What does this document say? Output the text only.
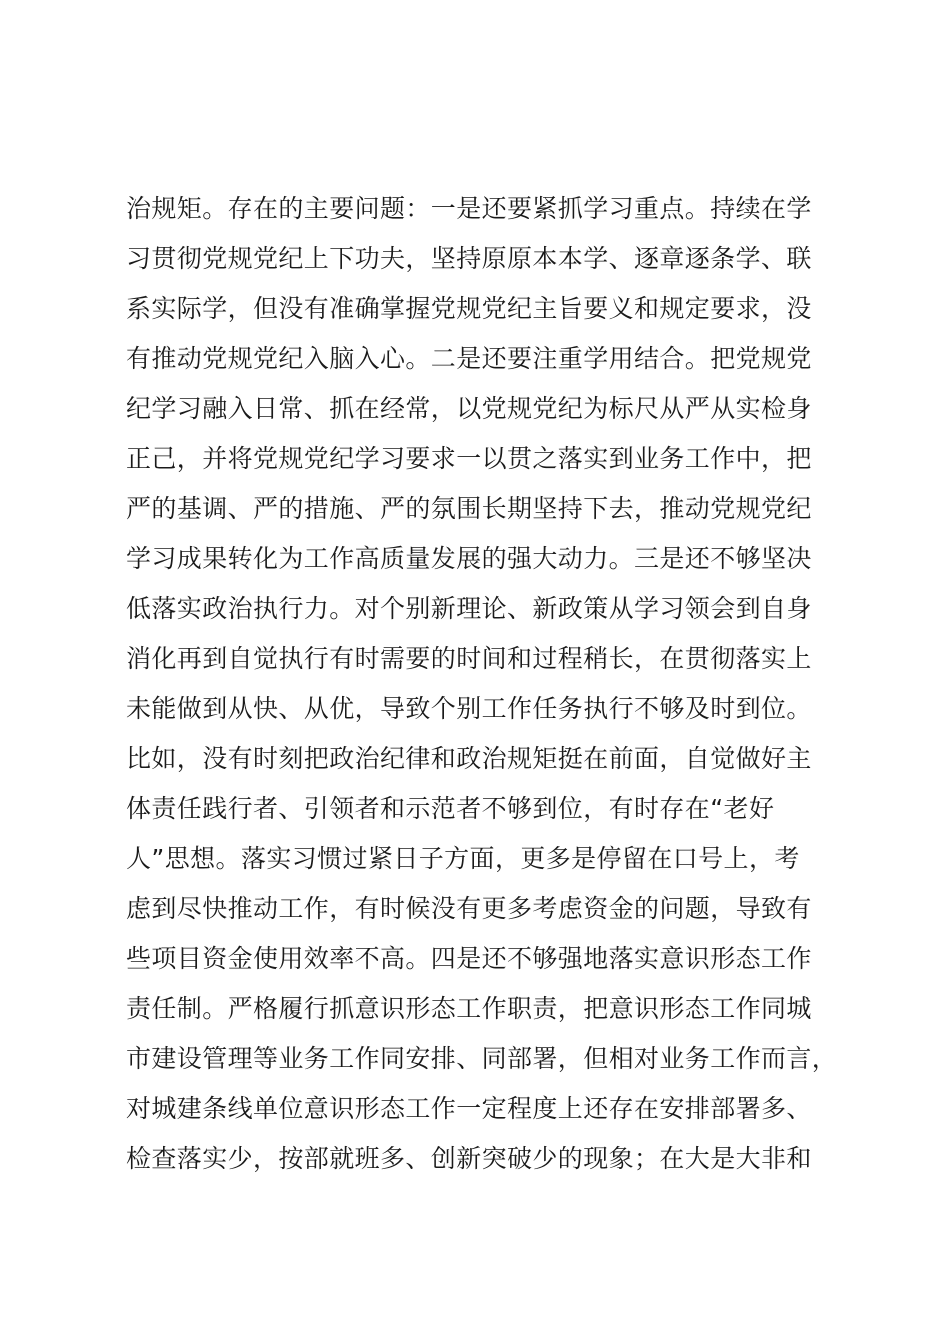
治规矩。存在的主要问题：一是还要紧抓学习重点。持续在学
习贯彻党规党纪上下功夫，坚持原原本本学、逐章逐条学、联
系实际学，但没有准确掌握党规党纪主旨要义和规定要求，没
有推动党规党纪入脑入心。二是还要注重学用结合。把党规党
纪学习融入日常、抓在经常，以党规党纪为标尺从严从实检身
正己，并将党规党纪学习要求一以贯之落实到业务工作中，把
严的基调、严的措施、严的氛围长期坚持下去，推动党规党纪
学习成果转化为工作高质量发展的强大动力。三是还不够坚决
低落实政治执行力。对个别新理论、新政策从学习领会到自身
消化再到自觉执行有时需要的时间和过程稍长，在贯彻落实上
未能做到从快、从优，导致个别工作任务执行不够及时到位。
比如，没有时刻把政治纪律和政治规矩挺在前面，自觉做好主
体责任践行者、引领者和示范者不够到位，有时存在“老好
人”思想。落实习惯过紧日子方面，更多是停留在口号上，考
虑到尽快推动工作，有时候没有更多考虑资金的问题，导致有
些项目资金使用效率不高。四是还不够强地落实意识形态工作
责任制。严格履行抓意识形态工作职责，把意识形态工作同城
市建设管理等业务工作同安排、同部署，但相对业务工作而言，
对城建条线单位意识形态工作一定程度上还存在安排部署多、
检查落实少，按部就班多、创新突破少的现象；在大是大非和
